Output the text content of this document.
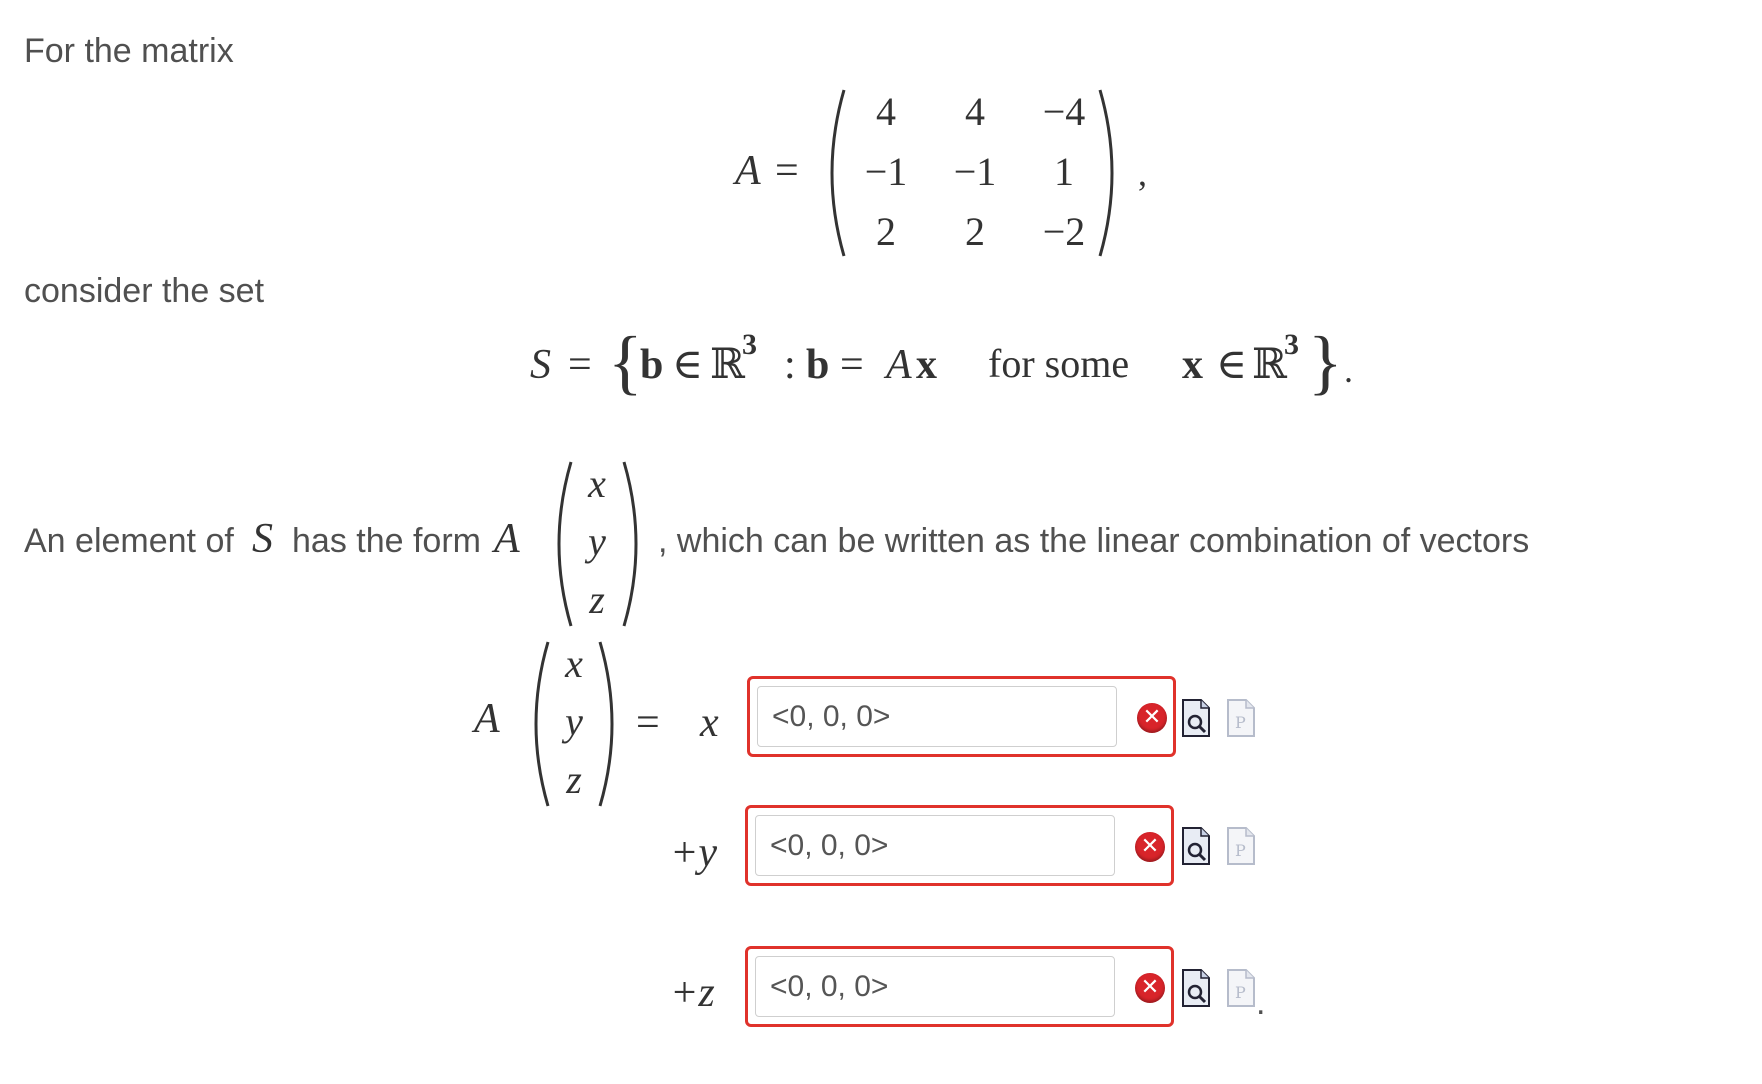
For the matrix
A =
4	4	−4
−1	−1	1
2	2	−2
,
consider the set
S = {
b ∈ ℝ
3 : b = A x for some x ∈ ℝ
3 } .
An element of S has the form A
x
y
z
, which can be written as the linear combination of vectors
A
x
y
z
= x
<0, 0, 0>	✕	P
+y
<0, 0, 0>	✕	P
+z
<0, 0, 0>	✕	P .
